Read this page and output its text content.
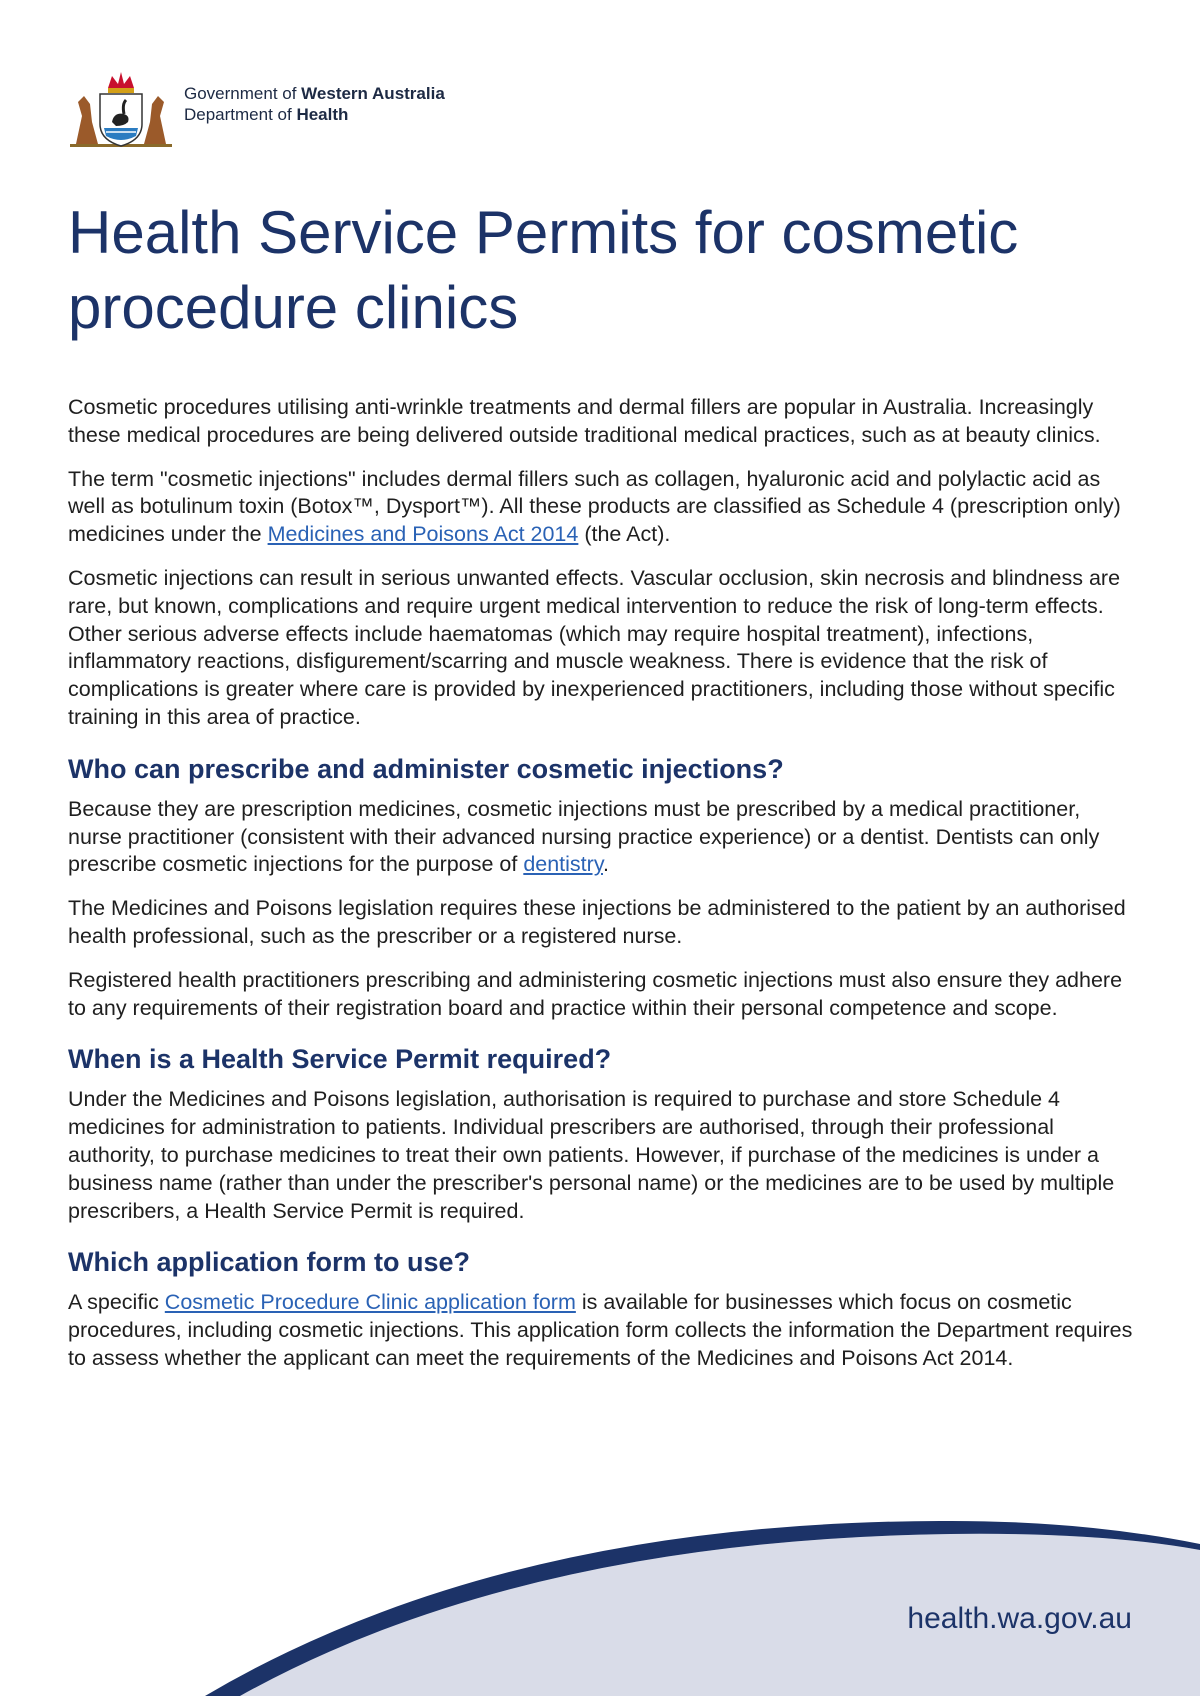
Government of Western Australia
Department of Health
Health Service Permits for cosmetic procedure clinics

Cosmetic procedures utilising anti-wrinkle treatments and dermal fillers are popular in Australia. Increasingly these medical procedures are being delivered outside traditional medical practices, such as at beauty clinics.

The term "cosmetic injections" includes dermal fillers such as collagen, hyaluronic acid and polylactic acid as well as botulinum toxin (Botox™, Dysport™). All these products are classified as Schedule 4 (prescription only) medicines under the Medicines and Poisons Act 2014 (the Act).

Cosmetic injections can result in serious unwanted effects. Vascular occlusion, skin necrosis and blindness are rare, but known, complications and require urgent medical intervention to reduce the risk of long-term effects. Other serious adverse effects include haematomas (which may require hospital treatment), infections, inflammatory reactions, disfigurement/scarring and muscle weakness. There is evidence that the risk of complications is greater where care is provided by inexperienced practitioners, including those without specific training in this area of practice.

Who can prescribe and administer cosmetic injections?

Because they are prescription medicines, cosmetic injections must be prescribed by a medical practitioner, nurse practitioner (consistent with their advanced nursing practice experience) or a dentist. Dentists can only prescribe cosmetic injections for the purpose of dentistry.

The Medicines and Poisons legislation requires these injections be administered to the patient by an authorised health professional, such as the prescriber or a registered nurse.

Registered health practitioners prescribing and administering cosmetic injections must also ensure they adhere to any requirements of their registration board and practice within their personal competence and scope.

When is a Health Service Permit required?

Under the Medicines and Poisons legislation, authorisation is required to purchase and store Schedule 4 medicines for administration to patients. Individual prescribers are authorised, through their professional authority, to purchase medicines to treat their own patients. However, if purchase of the medicines is under a business name (rather than under the prescriber's personal name) or the medicines are to be used by multiple prescribers, a Health Service Permit is required.

Which application form to use?

A specific Cosmetic Procedure Clinic application form is available for businesses which focus on cosmetic procedures, including cosmetic injections. This application form collects the information the Department requires to assess whether the applicant can meet the requirements of the Medicines and Poisons Act 2014.

health.wa.gov.au
